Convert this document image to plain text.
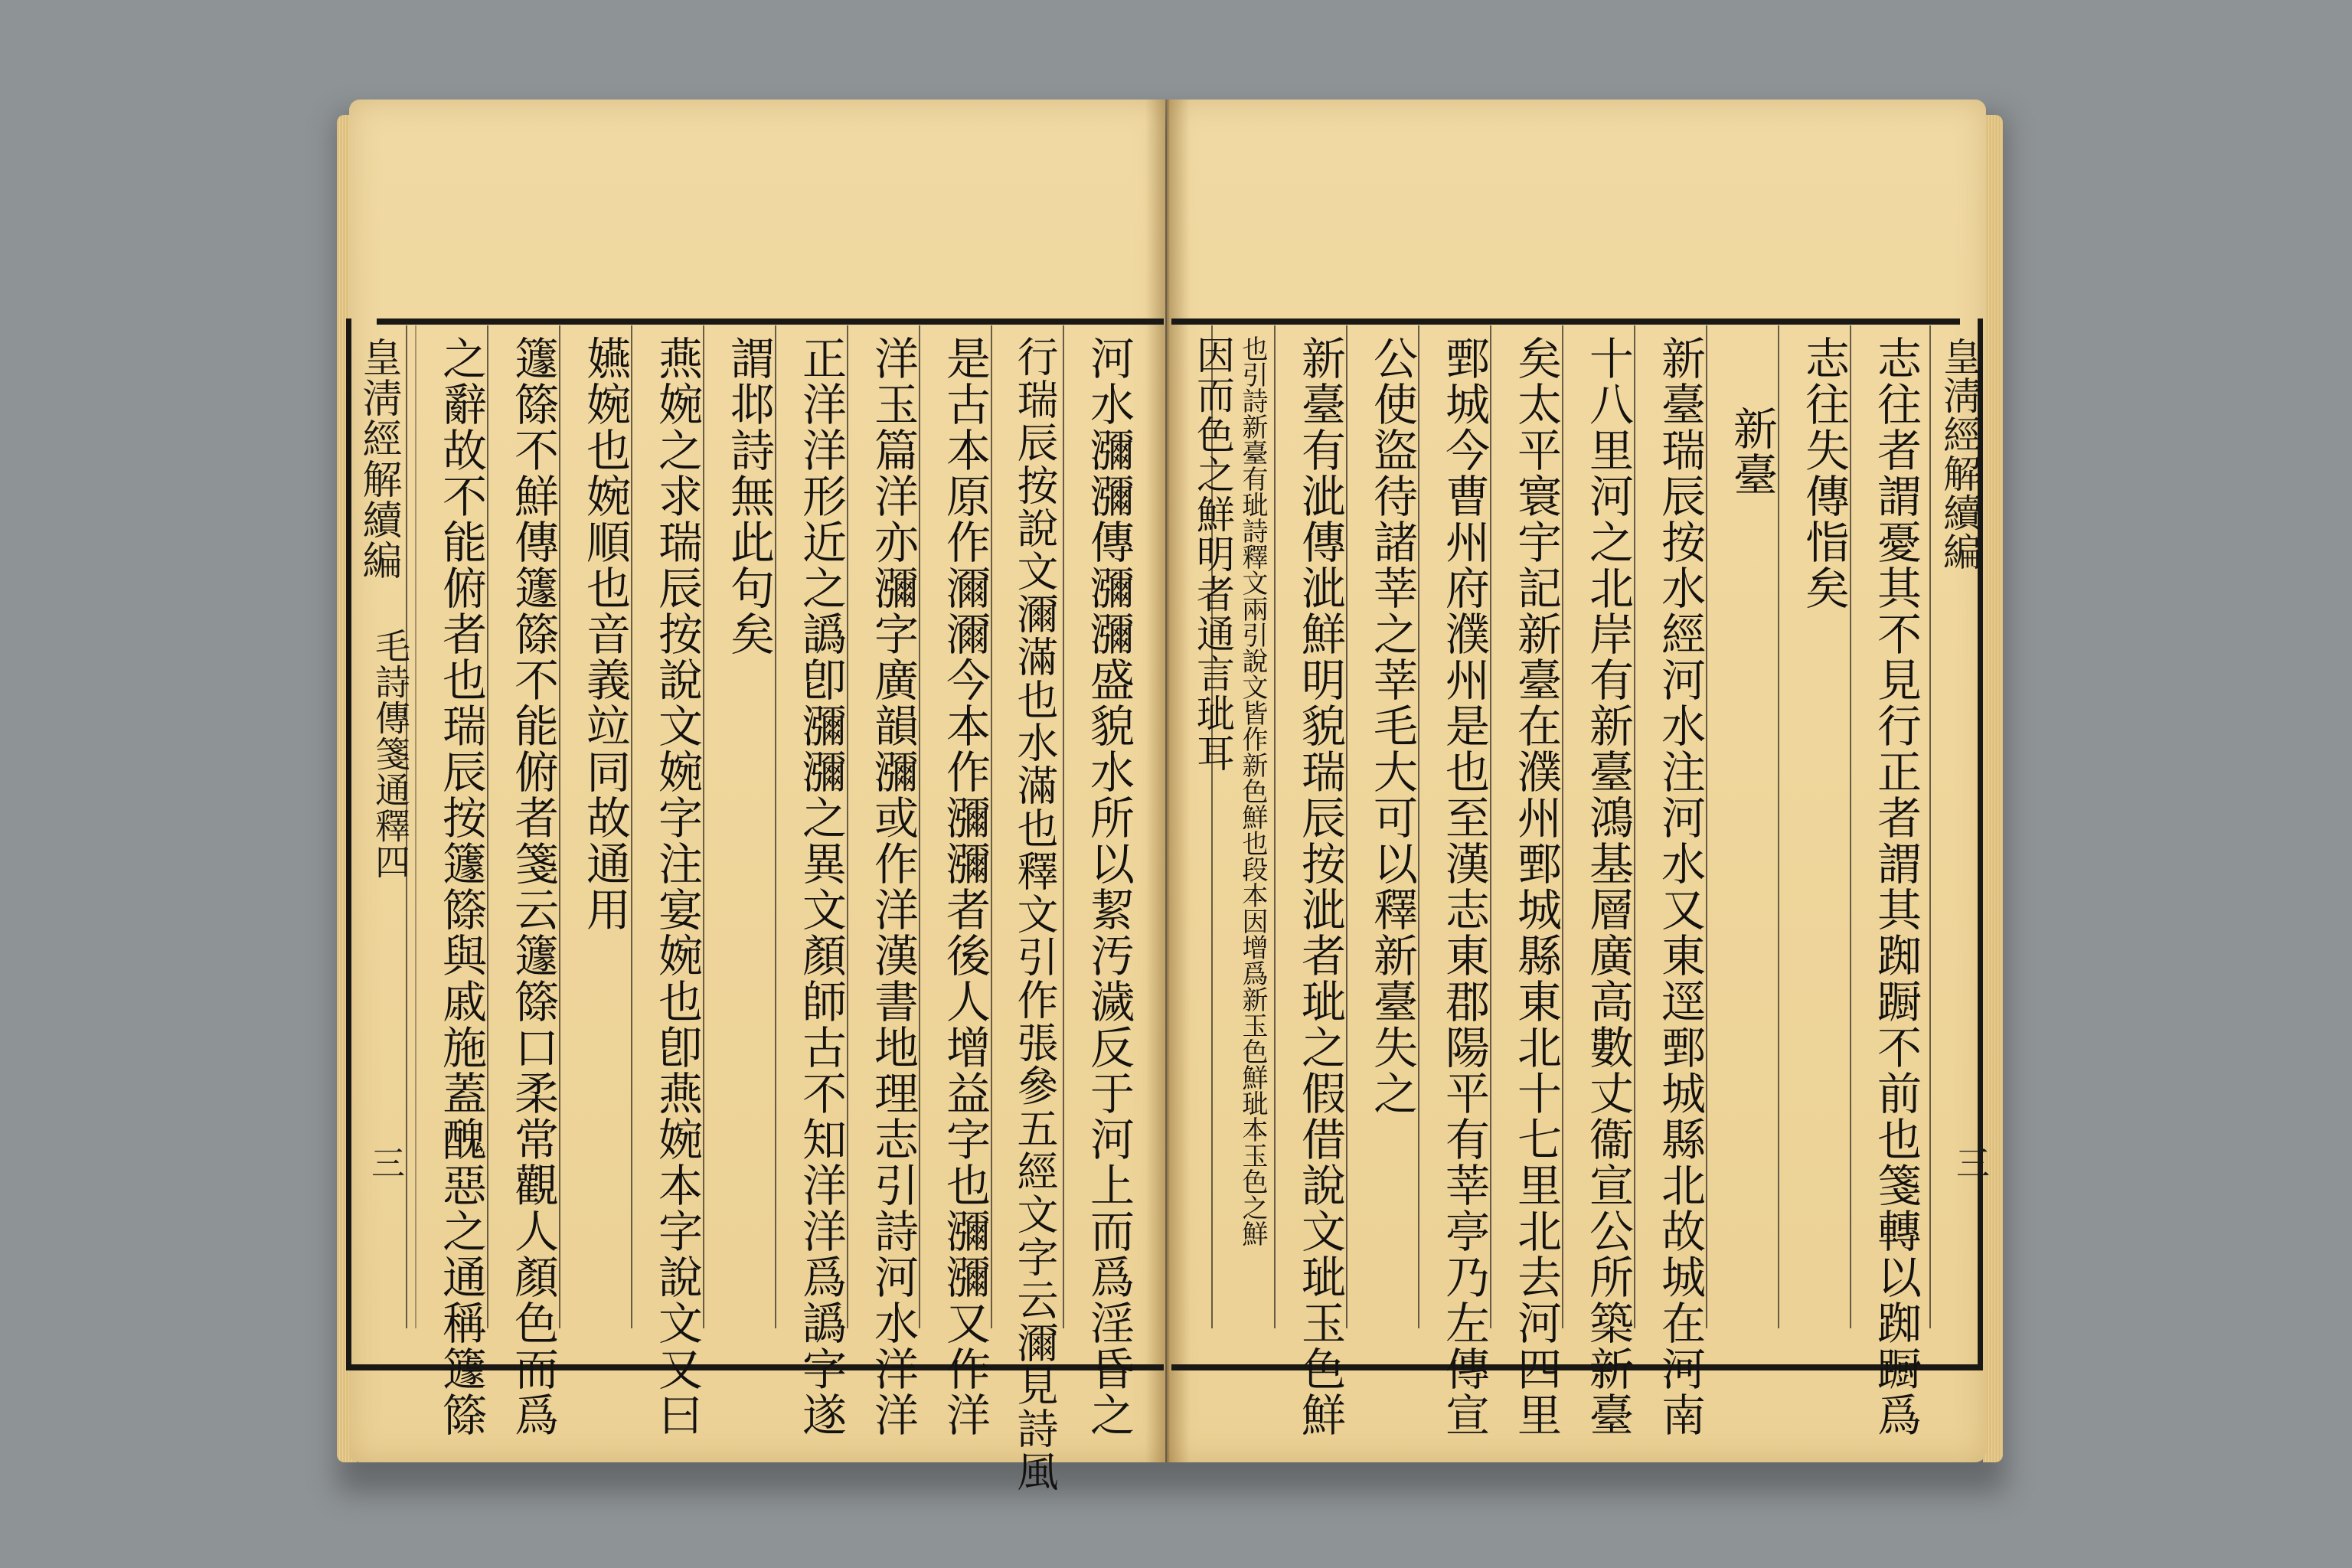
皇淸經解續編
毛詩傳箋通釋四
三	河水瀰瀰傳瀰瀰盛貌水所以絜汚濊反于河上而爲淫昏之
行瑞辰按說文濔滿也水滿也釋文引作張參五經文字云濔見詩風
是古本原作濔濔今本作瀰瀰者後人增益字也瀰瀰又作洋
洋玉篇洋亦瀰字廣韻瀰或作洋漢書地理志引詩河水洋洋
正洋洋形近之譌卽瀰瀰之異文顏師古不知洋洋爲譌字遂
謂邶詩無此句矣
燕婉之求瑞辰按說文婉字注宴婉也卽燕婉本字說文又曰
嬿婉也婉順也音義竝同故通用
籧篨不鮮傳籧篨不能俯者箋云籧篨口柔常觀人顏色而爲
之辭故不能俯者也瑞辰按籧篨與戚施蓋醜惡之通稱籧篨	志往者謂憂其不見行正者謂其踟蹰不前也箋轉以踟蹰爲
志往失傳恉矣
新臺
新臺瑞辰按水經河水注河水又東逕鄄城縣北故城在河南
十八里河之北岸有新臺鴻基層廣高數丈衞宣公所築新臺
矣太平寰宇記新臺在濮州鄄城縣東北十七里北去河四里
鄄城今曹州府濮州是也至漢志東郡陽平有莘亭乃左傳宣
公使盜待諸莘之莘毛大可以釋新臺失之
新臺有泚傳泚鮮明貌瑞辰按泚者玼之假借說文玼玉色鮮
也引詩新臺有玼詩釋文兩引說文皆作新色鮮也段本因增爲新玉色鮮玼本玉色之鮮
因而色之鮮明者通言玼耳	皇淸經解續編
三
